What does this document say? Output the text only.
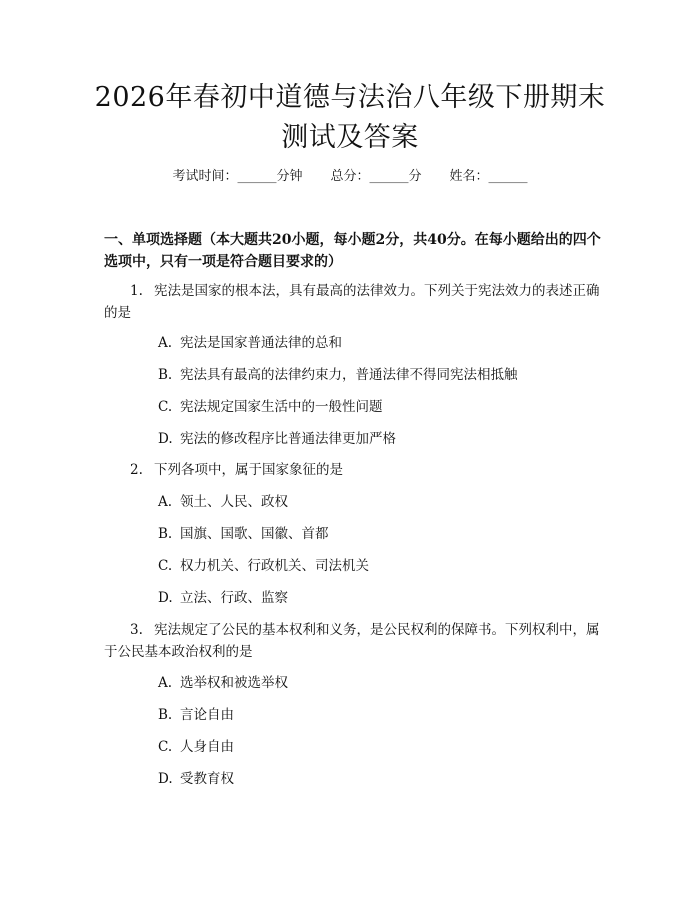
2026年春初中道德与法治八年级下册期末测试及答案
考试时间：______分钟 总分：______分 姓名：______
一、单项选择题（本大题共20小题，每小题2分，共40分。在每小题给出的四个选项中，只有一项是符合题目要求的）
1. 宪法是国家的根本法，具有最高的法律效力。下列关于宪法效力的表述正确的是
A. 宪法是国家普通法律的总和
B. 宪法具有最高的法律约束力，普通法律不得同宪法相抵触
C. 宪法规定国家生活中的一般性问题
D. 宪法的修改程序比普通法律更加严格
2. 下列各项中，属于国家象征的是
A. 领土、人民、政权
B. 国旗、国歌、国徽、首都
C. 权力机关、行政机关、司法机关
D. 立法、行政、监察
3. 宪法规定了公民的基本权利和义务，是公民权利的保障书。下列权利中，属于公民基本政治权利的是
A. 选举权和被选举权
B. 言论自由
C. 人身自由
D. 受教育权
